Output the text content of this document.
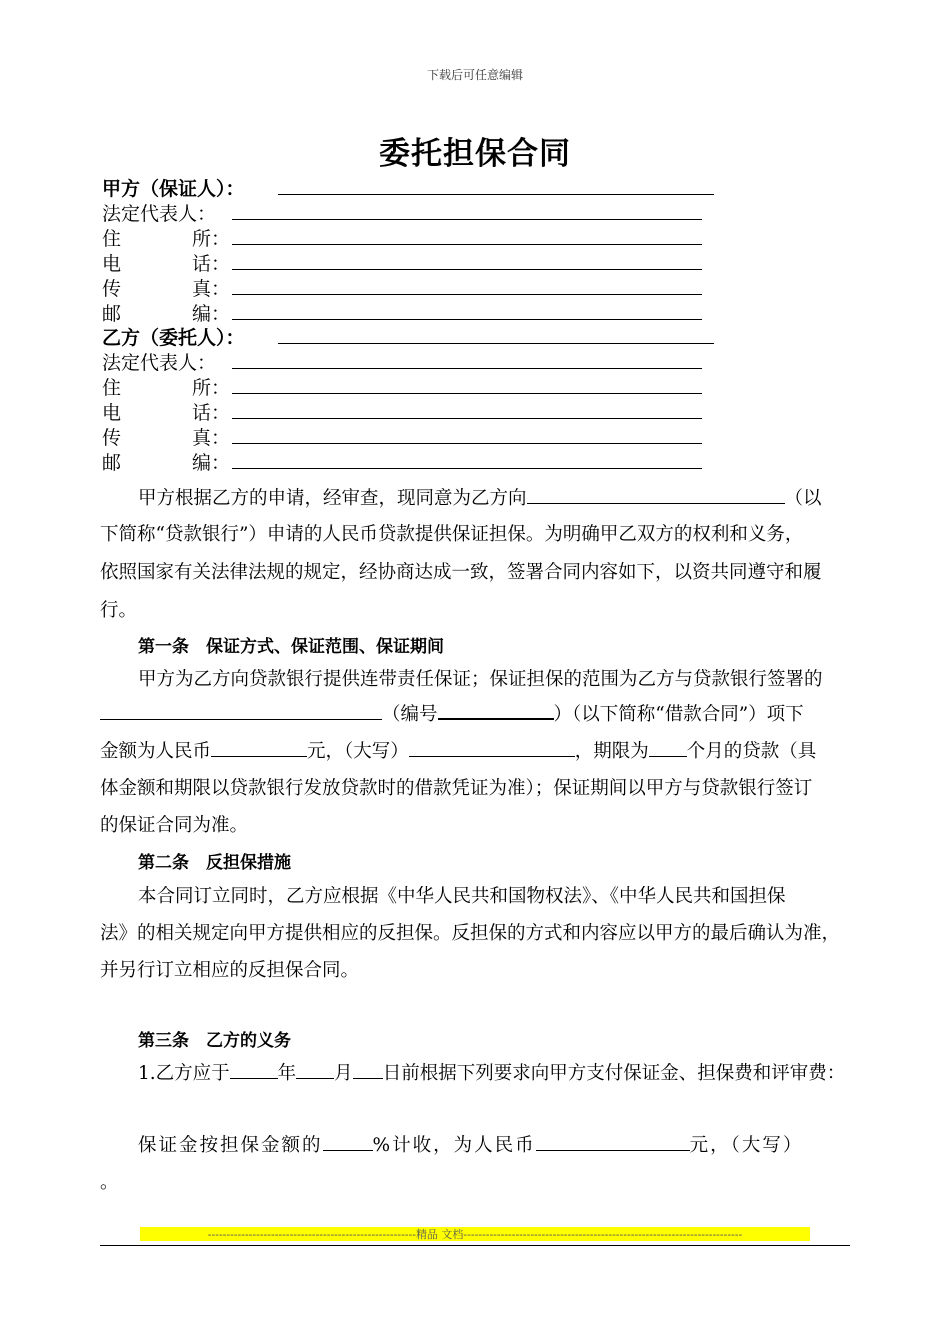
下载后可任意编辑
委托担保合同
甲方（保证人）：
法定代表人：
住	所：
电	话：
传	真：
邮	编：
乙方（委托人）：
法定代表人：
住	所：
电	话：
传	真：
邮	编：
甲方根据乙方的申请，经审查，现同意为乙方向	（以
下简称“贷款银行”）申请的人民币贷款提供保证担保。为明确甲乙双方的权利和义务，
依照国家有关法律法规的规定，经协商达成一致，签署合同内容如下，以资共同遵守和履
行。
第一条　保证方式、保证范围、保证期间
甲方为乙方向贷款银行提供连带责任保证；保证担保的范围为乙方与贷款银行签署的
（编号	）（以下简称“借款合同”）项下
金额为人民币	元，（大写）	，期限为 个月的贷款（具
体金额和期限以贷款银行发放贷款时的借款凭证为准）；保证期间以甲方与贷款银行签订
的保证合同为准。
第二条　反担保措施
本合同订立同时，乙方应根据《中华人民共和国物权法》、《中华人民共和国担保
法》的相关规定向甲方提供相应的反担保。反担保的方式和内容应以甲方的最后确认为准，
并另行订立相应的反担保合同。
第三条　乙方的义务
1.乙方应于	年 月 日前根据下列要求向甲方支付保证金、担保费和评审费：
保证金按担保金额的	%计收，为人民币	元，（大写）
。
--------------------------------------------------------精品 文档---------------------------------------------------------------------------
